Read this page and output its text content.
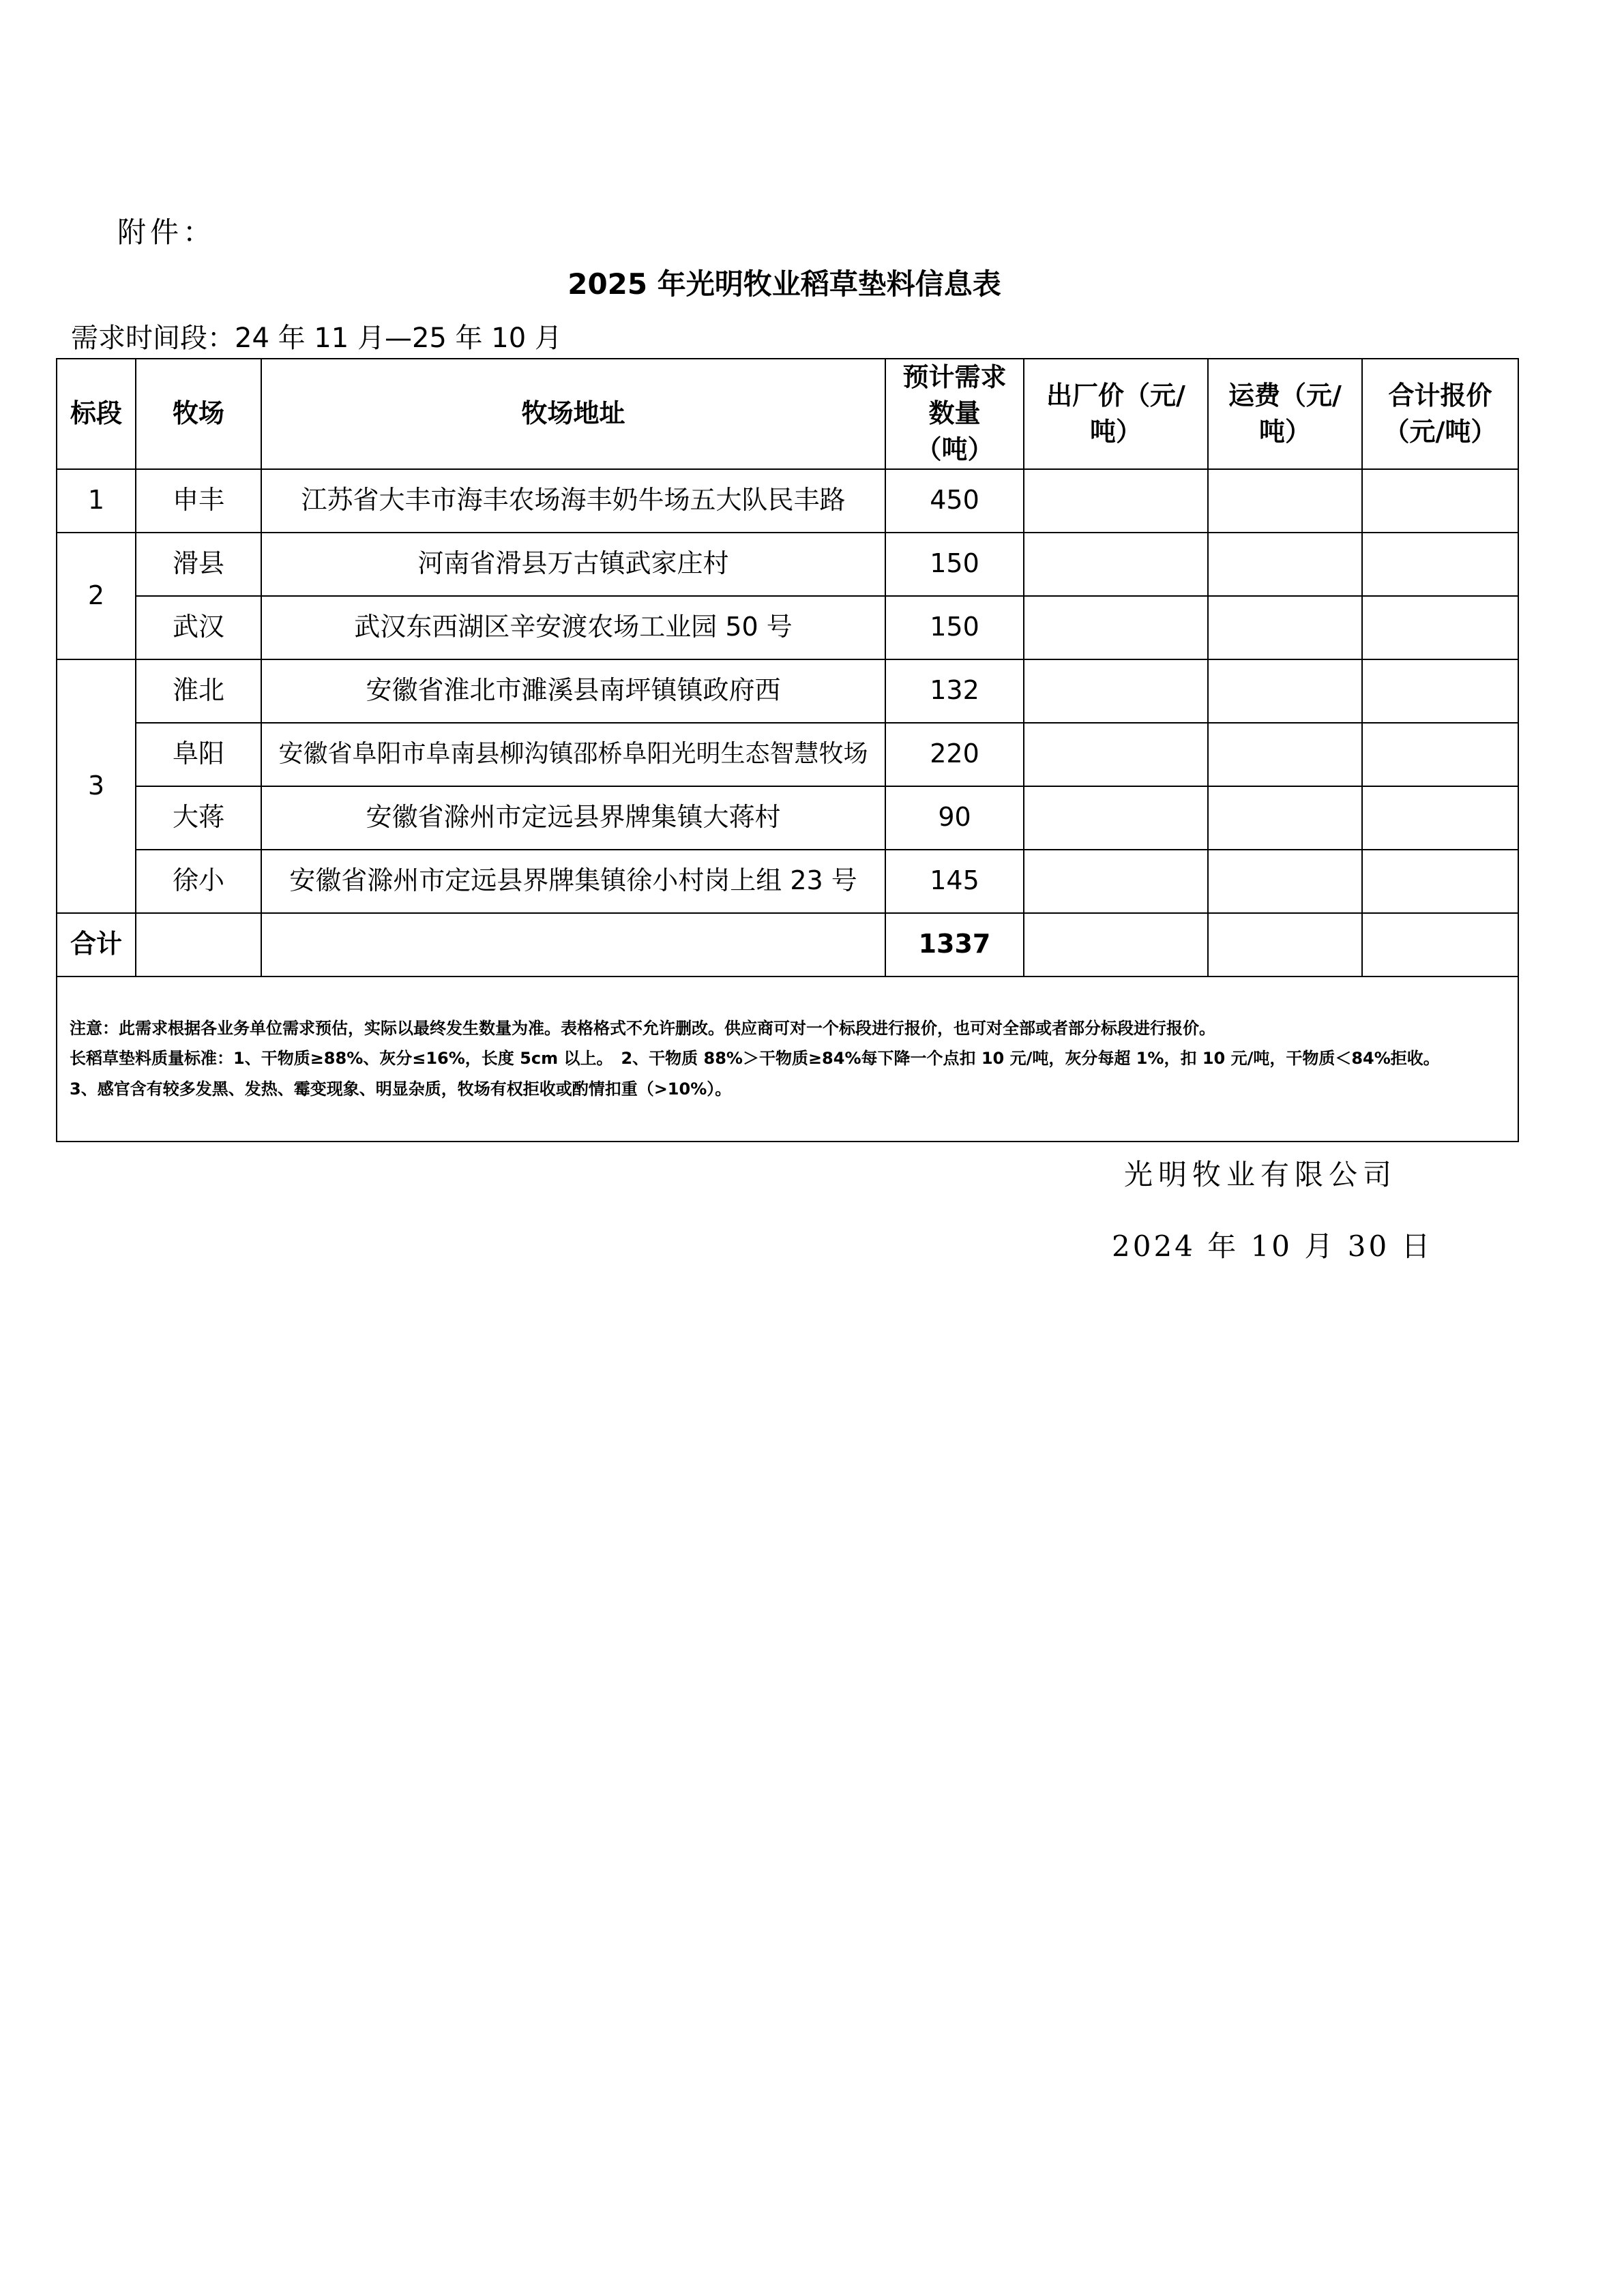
附件：
2025 年光明牧业稻草垫料信息表
需求时间段：24 年 11 月—25 年 10 月
标段	牧场	牧场地址	预计需求数量（吨）	出厂价（元/吨）	运费（元/吨）	合计报价（元/吨）
1	申丰	江苏省大丰市海丰农场海丰奶牛场五大队民丰路	450			
2	滑县	河南省滑县万古镇武家庄村	150			
	武汉	武汉东西湖区辛安渡农场工业园 50 号	150			
3	淮北	安徽省淮北市濉溪县南坪镇镇政府西	132			
	阜阳	安徽省阜阳市阜南县柳沟镇邵桥阜阳光明生态智慧牧场	220			
	大蒋	安徽省滁州市定远县界牌集镇大蒋村	90			
	徐小	安徽省滁州市定远县界牌集镇徐小村岗上组 23 号	145			
合计			1337			

注意：此需求根据各业务单位需求预估，实际以最终发生数量为准。表格格式不允许删改。供应商可对一个标段进行报价，也可对全部或者部分标段进行报价。
长稻草垫料质量标准：1、干物质≥88%、灰分≤16%，长度 5cm 以上。　2、干物质 88%＞干物质≥84%每下降一个点扣 10 元/吨，灰分每超 1%，扣 10 元/吨，干物质＜84%拒收。
3、感官含有较多发黑、发热、霉变现象、明显杂质，牧场有权拒收或酌情扣重（>10%）。						
光明牧业有限公司
2024 年 10 月 30 日
